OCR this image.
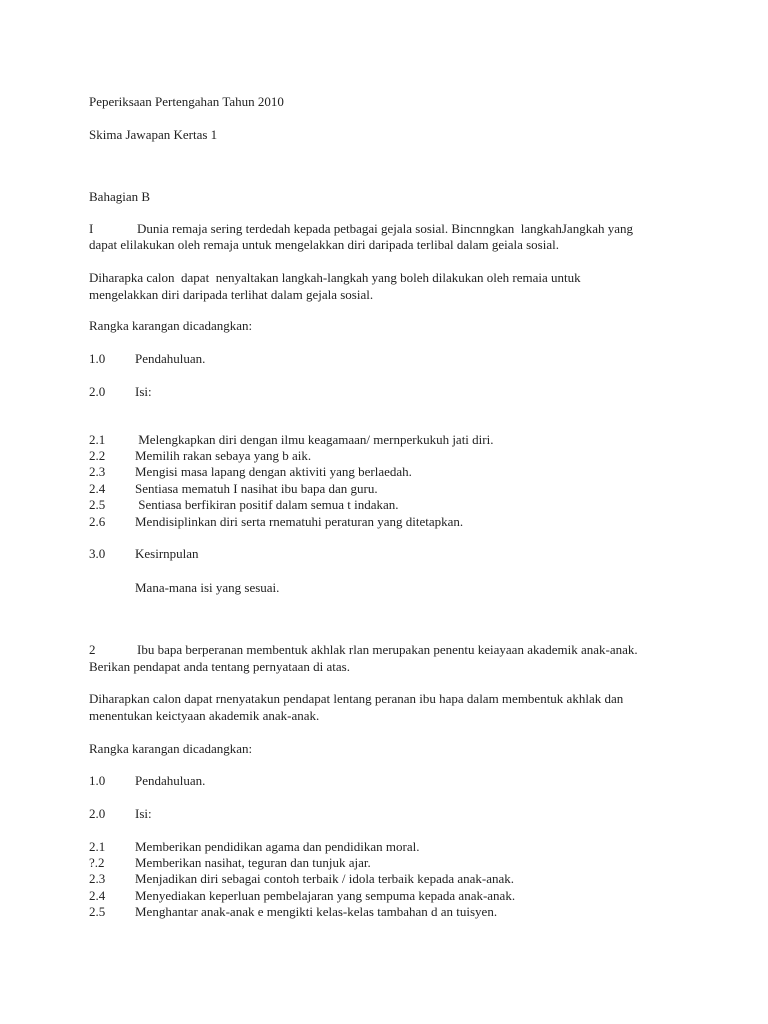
Peperiksaan Pertengahan Tahun 2010
Skima Jawapan Kertas 1
Bahagian B
I	Dunia remaja sering terdedah kepada petbagai gejala sosial. Bincnngkan  langkahJangkah yang
dapat elilakukan oleh remaja untuk mengelakkan diri daripada terlibal dalam geiala sosial.
Diharapka calon  dapat  nenyaltakan langkah-langkah yang boleh dilakukan oleh remaia untuk
mengelakkan diri daripada terlihat dalam gejala sosial.
Rangka karangan dicadangkan:
1.0 Pendahuluan.
2.0 Isi:
2.1 Melengkapkan diri dengan ilmu keagamaan/ mernperkukuh jati diri.
2.2 Memilih rakan sebaya yang b aik.
2.3 Mengisi masa lapang dengan aktiviti yang berlaedah.
2.4 Sentiasa mematuh I nasihat ibu bapa dan guru.
2.5 Sentiasa berfikiran positif dalam semua t indakan.
2.6 Mendisiplinkan diri serta rnematuhi peraturan yang ditetapkan.
3.0 Kesirnpulan
Mana-mana isi yang sesuai.
2	Ibu bapa berperanan membentuk akhlak rlan merupakan penentu keiayaan akademik anak-anak.
Berikan pendapat anda tentang pernyataan di atas.
Diharapkan calon dapat rnenyatakun pendapat lentang peranan ibu hapa dalam membentuk akhlak dan
menentukan keictyaan akademik anak-anak.
Rangka karangan dicadangkan:
1.0 Pendahuluan.
2.0 Isi:
2.1 Memberikan pendidikan agama dan pendidikan moral.
?.2 Memberikan nasihat, teguran dan tunjuk ajar.
2.3 Menjadikan diri sebagai contoh terbaik / idola terbaik kepada anak-anak.
2.4 Menyediakan keperluan pembelajaran yang sempuma kepada anak-anak.
2.5 Menghantar anak-anak e mengikti kelas-kelas tambahan d an tuisyen.
